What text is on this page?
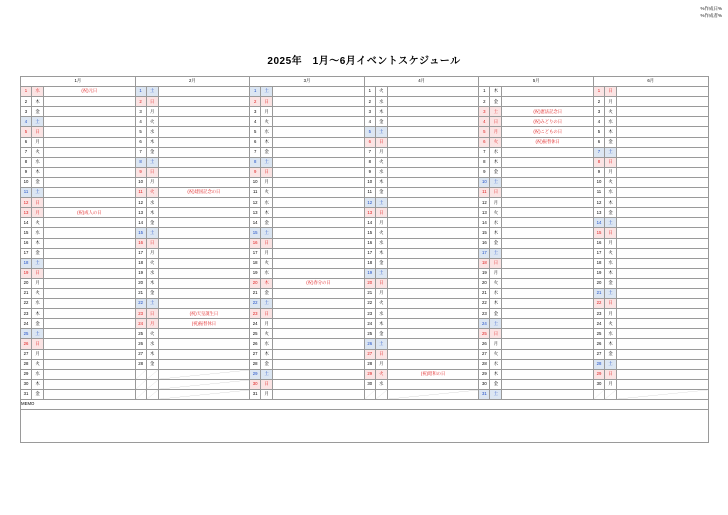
%作成日%
%作成者%
2025年　1月～6月イベントスケジュール
1月			2月			3月			4月			5月			6月		
1	水	(祝)元日	1	土		1	土		1	火		1	木		1	日	
2	木		2	日		2	日		2	水		2	金		2	月	
3	金		3	月		3	月		3	木		3	土	(祝)憲法記念日	3	火	
4	土		4	火		4	火		4	金		4	日	(祝)みどりの日	4	水	
5	日		5	水		5	水		5	土		5	月	(祝)こどもの日	5	木	
6	月		6	木		6	木		6	日		6	火	(祝)振替休日	6	金	
7	火		7	金		7	金		7	月		7	水		7	土	
8	水		8	土		8	土		8	火		8	木		8	日	
9	木		9	日		9	日		9	水		9	金		9	月	
10	金		10	月		10	月		10	木		10	土		10	火	
11	土		11	火	(祝)建国記念の日	11	火		11	金		11	日		11	水	
12	日		12	水		12	水		12	土		12	月		12	木	
13	月	(祝)成人の日	13	木		13	木		13	日		13	火		13	金	
14	火		14	金		14	金		14	月		14	水		14	土	
15	水		15	土		15	土		15	火		15	木		15	日	
16	木		16	日		16	日		16	水		16	金		16	月	
17	金		17	月		17	月		17	木		17	土		17	火	
18	土		18	火		18	火		18	金		18	日		18	水	
19	日		19	水		19	水		19	土		19	月		19	木	
20	月		20	木		20	木	(祝)春分の日	20	日		20	火		20	金	
21	火		21	金		21	金		21	月		21	水		21	土	
22	水		22	土		22	土		22	火		22	木		22	日	
23	木		23	日	(祝)天皇誕生日	23	日		23	水		23	金		23	月	
24	金		24	月	(祝)振替休日	24	月		24	木		24	土		24	火	
25	土		25	火		25	火		25	金		25	日		25	水	
26	日		26	水		26	水		26	土		26	月		26	木	
27	月		27	木		27	木		27	日		27	火		27	金	
28	火		28	金		28	金		28	月		28	水		28	土	
29	水					29	土		29	火	(祝)昭和の日	29	木		29	日	
30	木					30	日		30	水		30	金		30	月	
31	金					31	月					31	土		

MEMO																	
